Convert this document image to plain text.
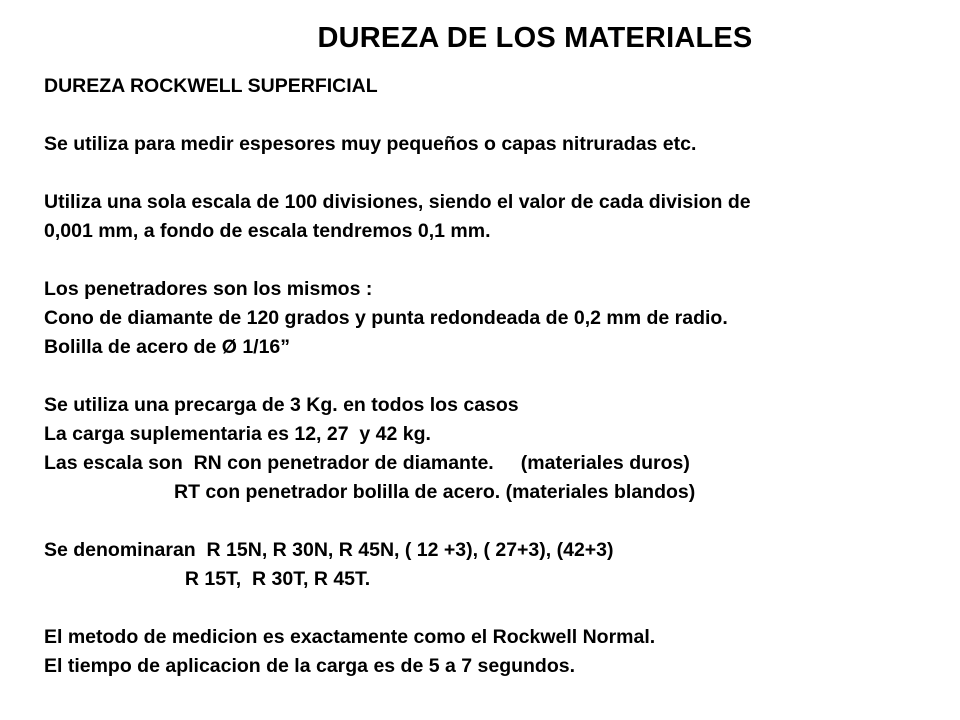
DUREZA DE LOS MATERIALES
DUREZA ROCKWELL SUPERFICIAL
Se utiliza para medir espesores muy pequeños o capas nitruradas etc.
Utiliza una sola escala de 100 divisiones, siendo el valor de cada division de
0,001 mm, a fondo de escala tendremos 0,1 mm.
Los penetradores son los mismos :
Cono de diamante de 120 grados y punta redondeada de 0,2 mm de radio.
Bolilla de acero de Ø 1/16”
Se utiliza una precarga de 3 Kg. en todos los casos
La carga suplementaria es 12, 27  y 42 kg.
Las escala son  RN con penetrador de diamante.     (materiales duros)
RT con penetrador bolilla de acero. (materiales blandos)
Se denominaran  R 15N, R 30N, R 45N, ( 12 +3), ( 27+3), (42+3)
R 15T,  R 30T, R 45T.
El metodo de medicion es exactamente como el Rockwell Normal.
El tiempo de aplicacion de la carga es de 5 a 7 segundos.
